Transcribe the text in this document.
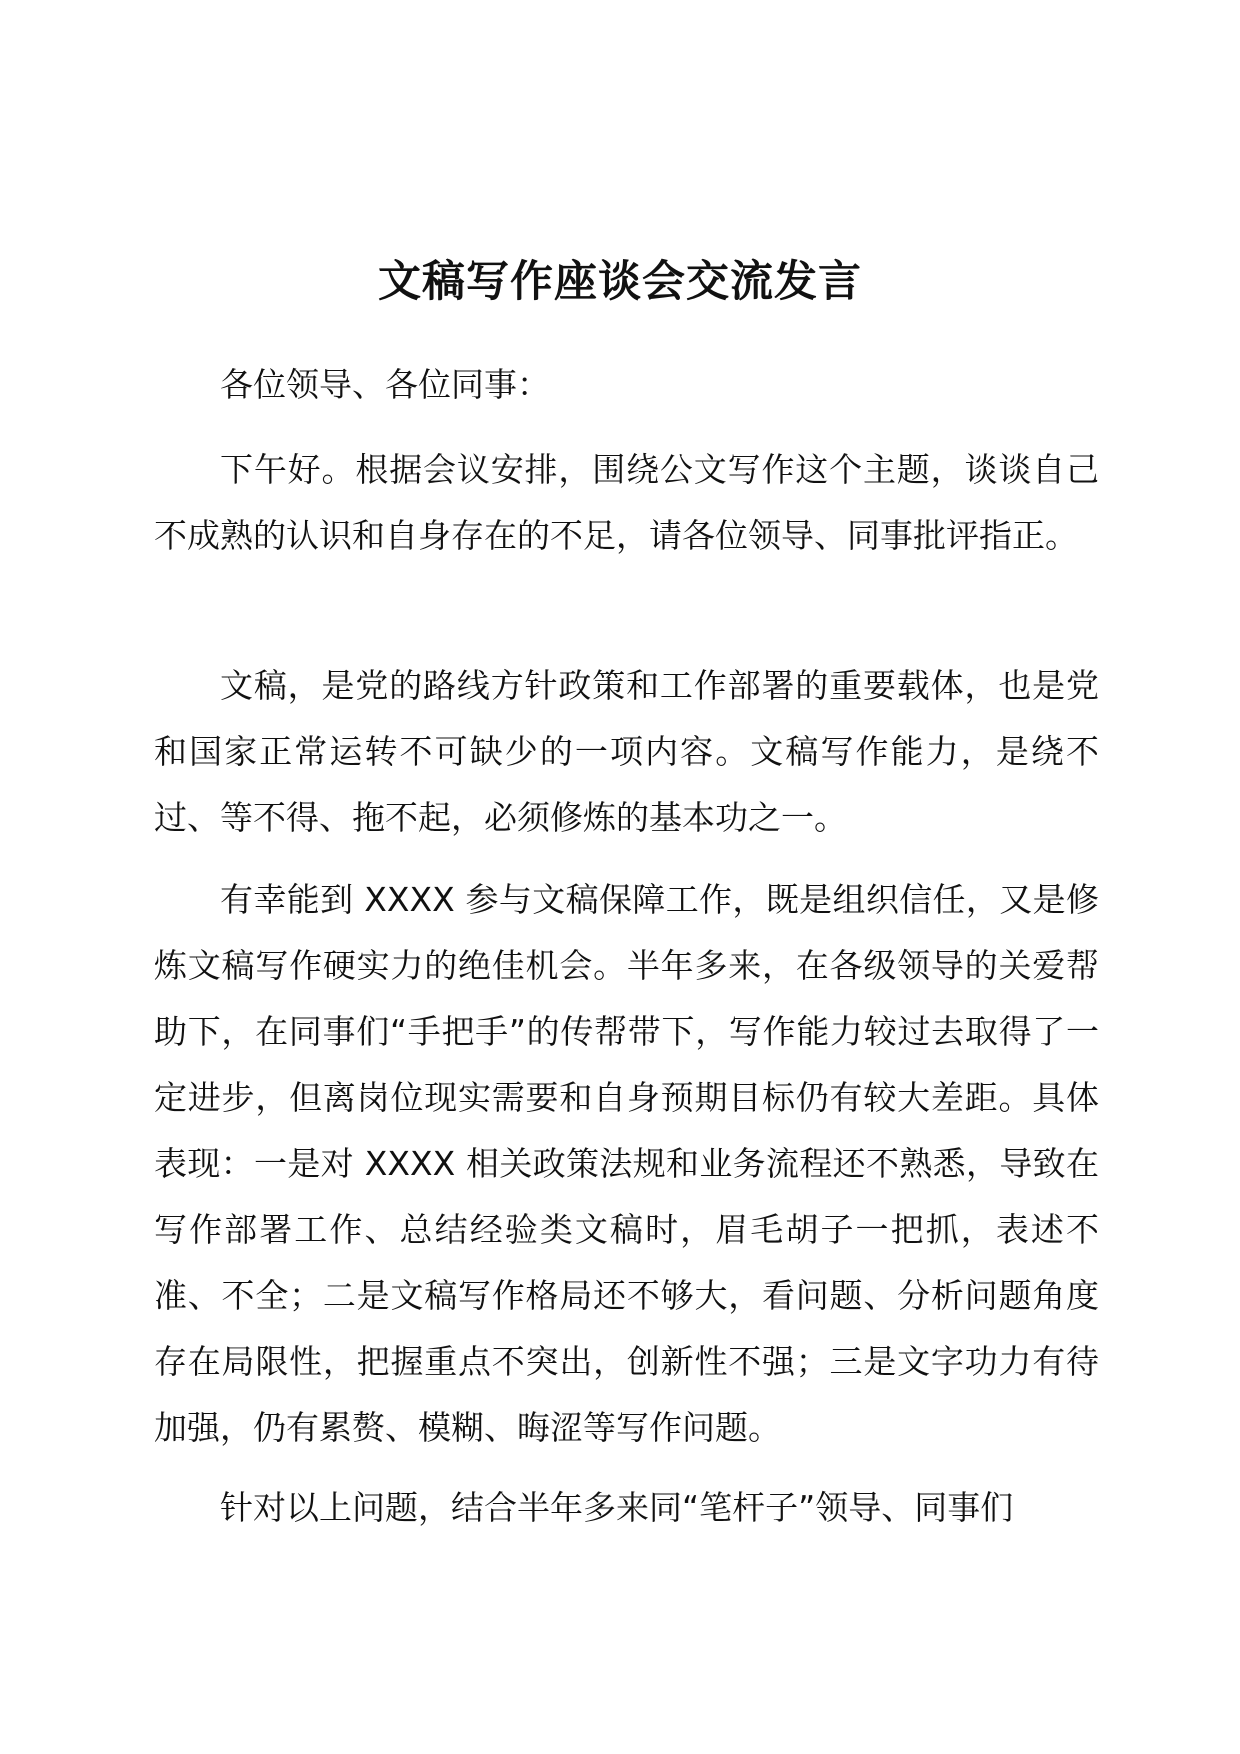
文稿写作座谈会交流发言

各位领导、各位同事：

下午好。根据会议安排，围绕公文写作这个主题，谈谈自己不成熟的认识和自身存在的不足，请各位领导、同事批评指正。

文稿，是党的路线方针政策和工作部署的重要载体，也是党和国家正常运转不可缺少的一项内容。文稿写作能力，是绕不过、等不得、拖不起，必须修炼的基本功之一。

有幸能到 XXXX 参与文稿保障工作，既是组织信任，又是修炼文稿写作硬实力的绝佳机会。半年多来，在各级领导的关爱帮助下，在同事们“手把手”的传帮带下，写作能力较过去取得了一定进步，但离岗位现实需要和自身预期目标仍有较大差距。具体表现：一是对 XXXX 相关政策法规和业务流程还不熟悉，导致在写作部署工作、总结经验类文稿时，眉毛胡子一把抓，表述不准、不全；二是文稿写作格局还不够大，看问题、分析问题角度存在局限性，把握重点不突出，创新性不强；三是文字功力有待加强，仍有累赘、模糊、晦涩等写作问题。

针对以上问题，结合半年多来同“笔杆子”领导、同事们
